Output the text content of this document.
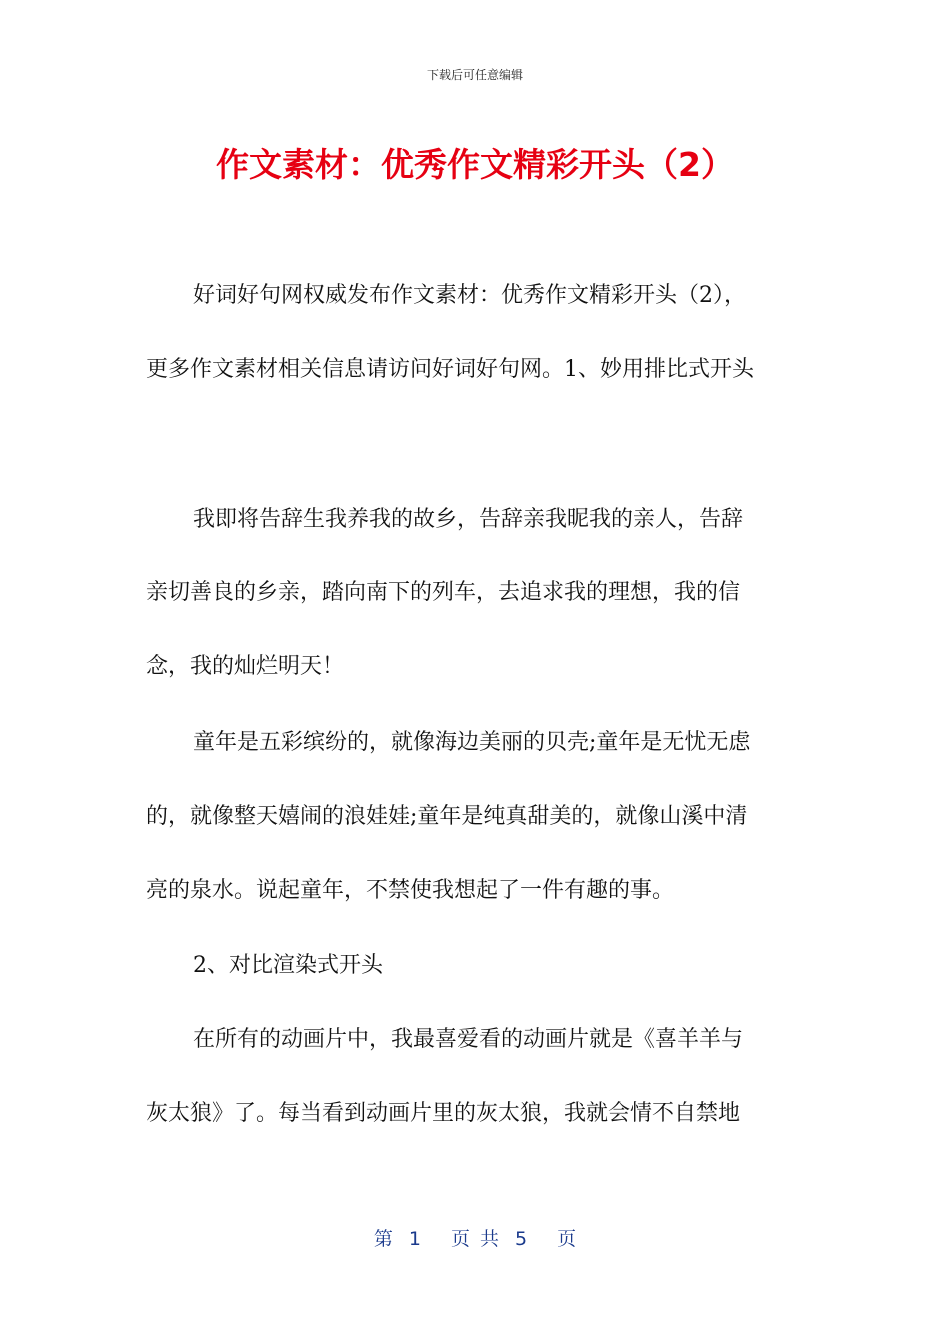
下载后可任意编辑
作文素材：优秀作文精彩开头（2）
好词好句网权威发布作文素材：优秀作文精彩开头（2），
更多作文素材相关信息请访问好词好句网。1、妙用排比式开头
我即将告辞生我养我的故乡，告辞亲我昵我的亲人，告辞
亲切善良的乡亲，踏向南下的列车，去追求我的理想，我的信
念，我的灿烂明天！
童年是五彩缤纷的，就像海边美丽的贝壳;童年是无忧无虑
的，就像整天嬉闹的浪娃娃;童年是纯真甜美的，就像山溪中清
亮的泉水。说起童年，不禁使我想起了一件有趣的事。
2、对比渲染式开头
在所有的动画片中，我最喜爱看的动画片就是《喜羊羊与
灰太狼》了。每当看到动画片里的灰太狼，我就会情不自禁地
第 1 页 共 5 页
